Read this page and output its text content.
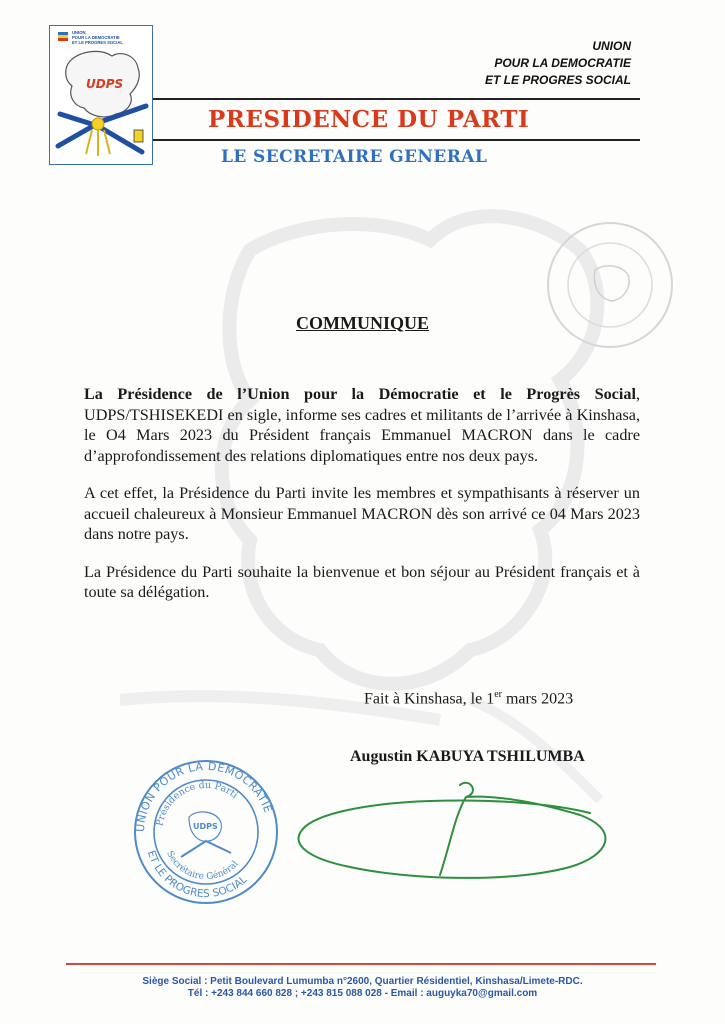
UNION
POUR LA DEMOCRATIE
ET LE PROGRES SOCIAL
UDPS
UNION
POUR LA DEMOCRATIE
ET LE PROGRES SOCIAL
PRESIDENCE DU PARTI
LE SECRETAIRE GENERAL
COMMUNIQUE

La Présidence de l’Union pour la Démocratie et le Progrès Social, UDPS/TSHISEKEDI en sigle, informe ses cadres et militants de l’arrivée à Kinshasa, le O4 Mars 2023 du Président français Emmanuel MACRON dans le cadre d’approfondissement des relations diplomatiques entre nos deux pays.

A cet effet, la Présidence du Parti invite les membres et sympathisants à réserver un accueil chaleureux à Monsieur Emmanuel MACRON dès son arrivé ce 04 Mars 2023 dans notre pays.

La Présidence du Parti souhaite la bienvenue et bon séjour au Président français et à toute sa délégation.

Fait à Kinshasa, le 1er mars 2023
Augustin KABUYA TSHILUMBA
UNION POUR LA DEMOCRATIE
ET LE PROGRES SOCIAL
Présidence du Parti
Secrétaire Général
UDPS
Siège Social : Petit Boulevard Lumumba n°2600, Quartier Résidentiel, Kinshasa/Limete-RDC.
Tél : +243 844 660 828 ; +243 815 088 028 - Email : auguyka70@gmail.com
